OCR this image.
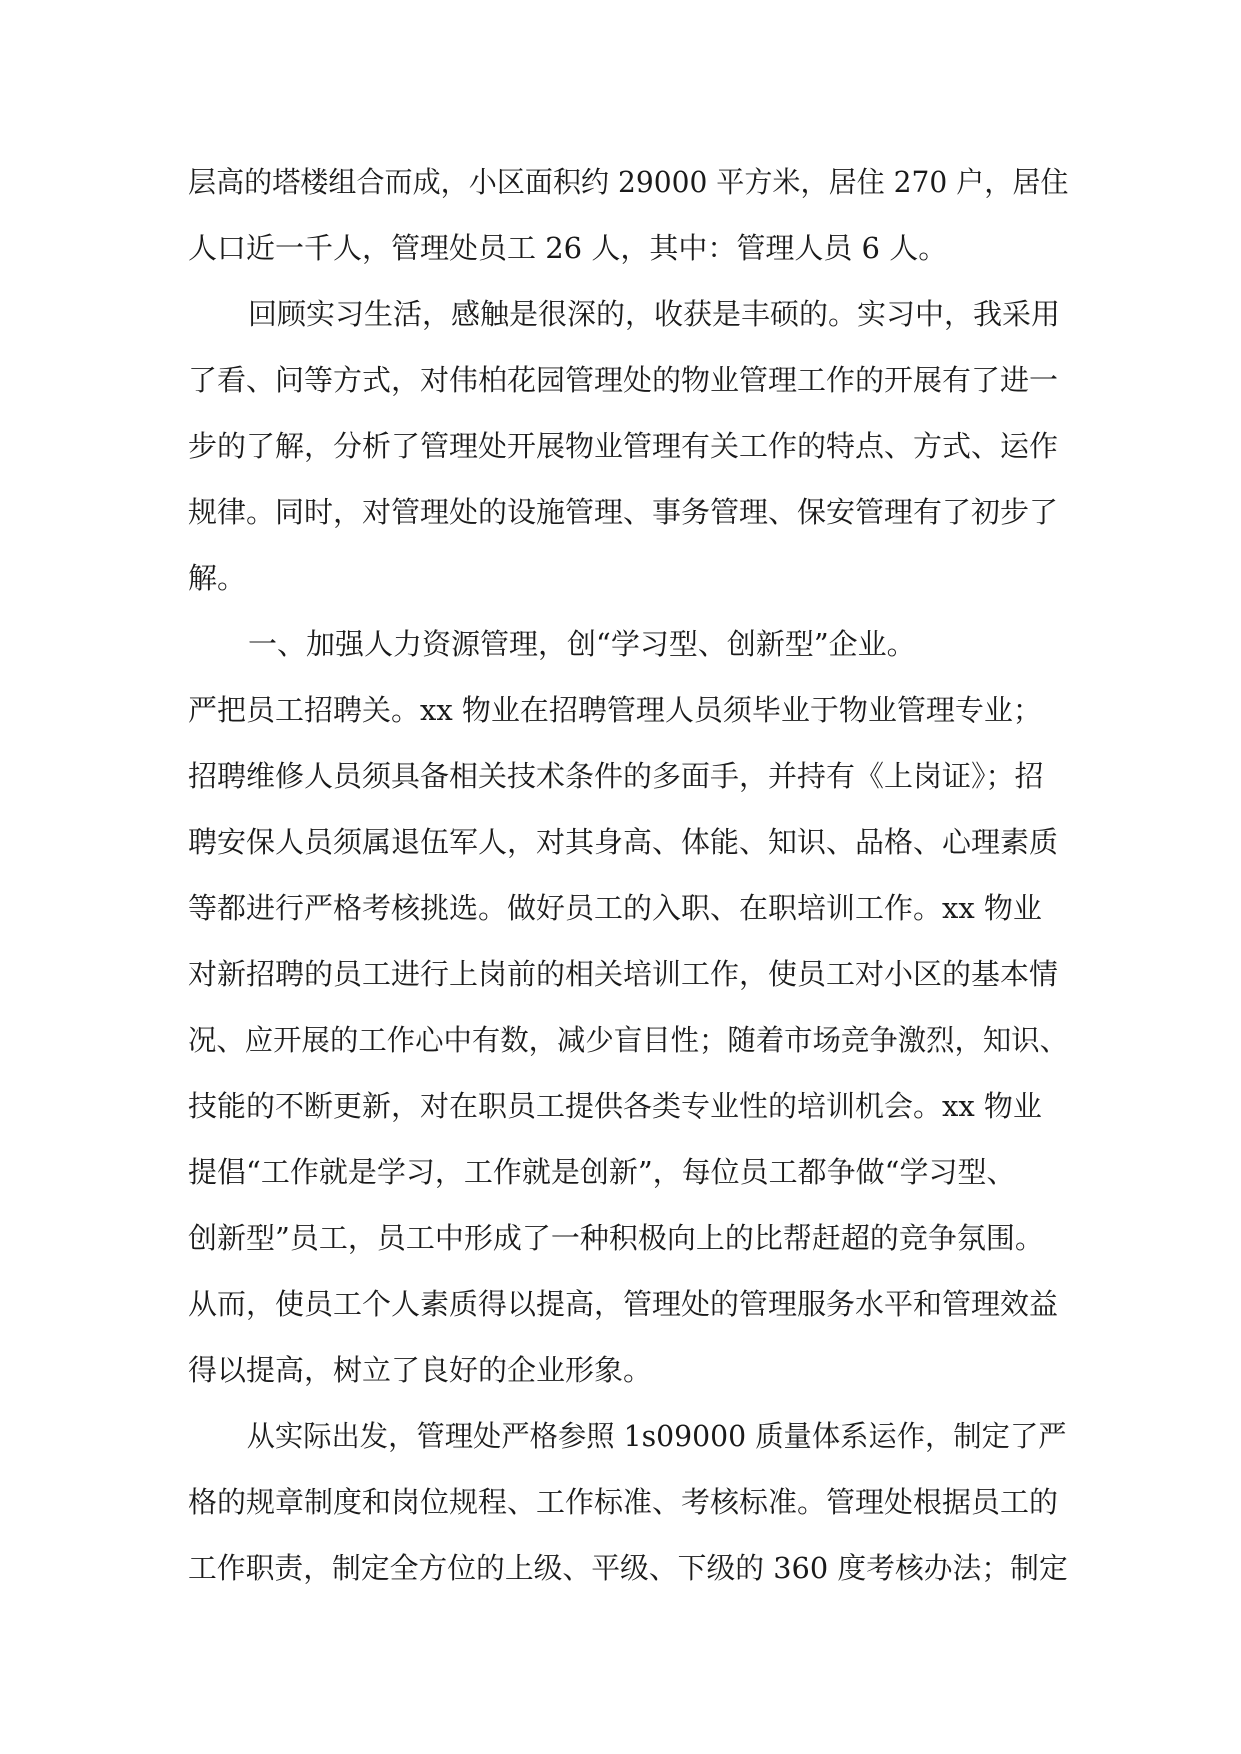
层高的塔楼组合而成，小区面积约 29000 平方米，居住 270 户，居住
人口近一千人，管理处员工 26 人，其中：管理人员 6 人。
回顾实习生活，感触是很深的，收获是丰硕的。实习中，我采用
了看、问等方式，对伟柏花园管理处的物业管理工作的开展有了进一
步的了解，分析了管理处开展物业管理有关工作的特点、方式、运作
规律。同时，对管理处的设施管理、事务管理、保安管理有了初步了
解。
一、加强人力资源管理，创“学习型、创新型”企业。
严把员工招聘关。xx 物业在招聘管理人员须毕业于物业管理专业；
招聘维修人员须具备相关技术条件的多面手，并持有《上岗证》；招
聘安保人员须属退伍军人，对其身高、体能、知识、品格、心理素质
等都进行严格考核挑选。做好员工的入职、在职培训工作。xx 物业
对新招聘的员工进行上岗前的相关培训工作，使员工对小区的基本情
况、应开展的工作心中有数，减少盲目性；随着市场竞争激烈，知识、
技能的不断更新，对在职员工提供各类专业性的培训机会。xx 物业
提倡“工作就是学习，工作就是创新”，每位员工都争做“学习型、
创新型”员工，员工中形成了一种积极向上的比帮赶超的竞争氛围。
从而，使员工个人素质得以提高，管理处的管理服务水平和管理效益
得以提高，树立了良好的企业形象。
从实际出发，管理处严格参照 1s09000 质量体系运作，制定了严
格的规章制度和岗位规程、工作标准、考核标准。管理处根据员工的
工作职责，制定全方位的上级、平级、下级的 360 度考核办法；制定
